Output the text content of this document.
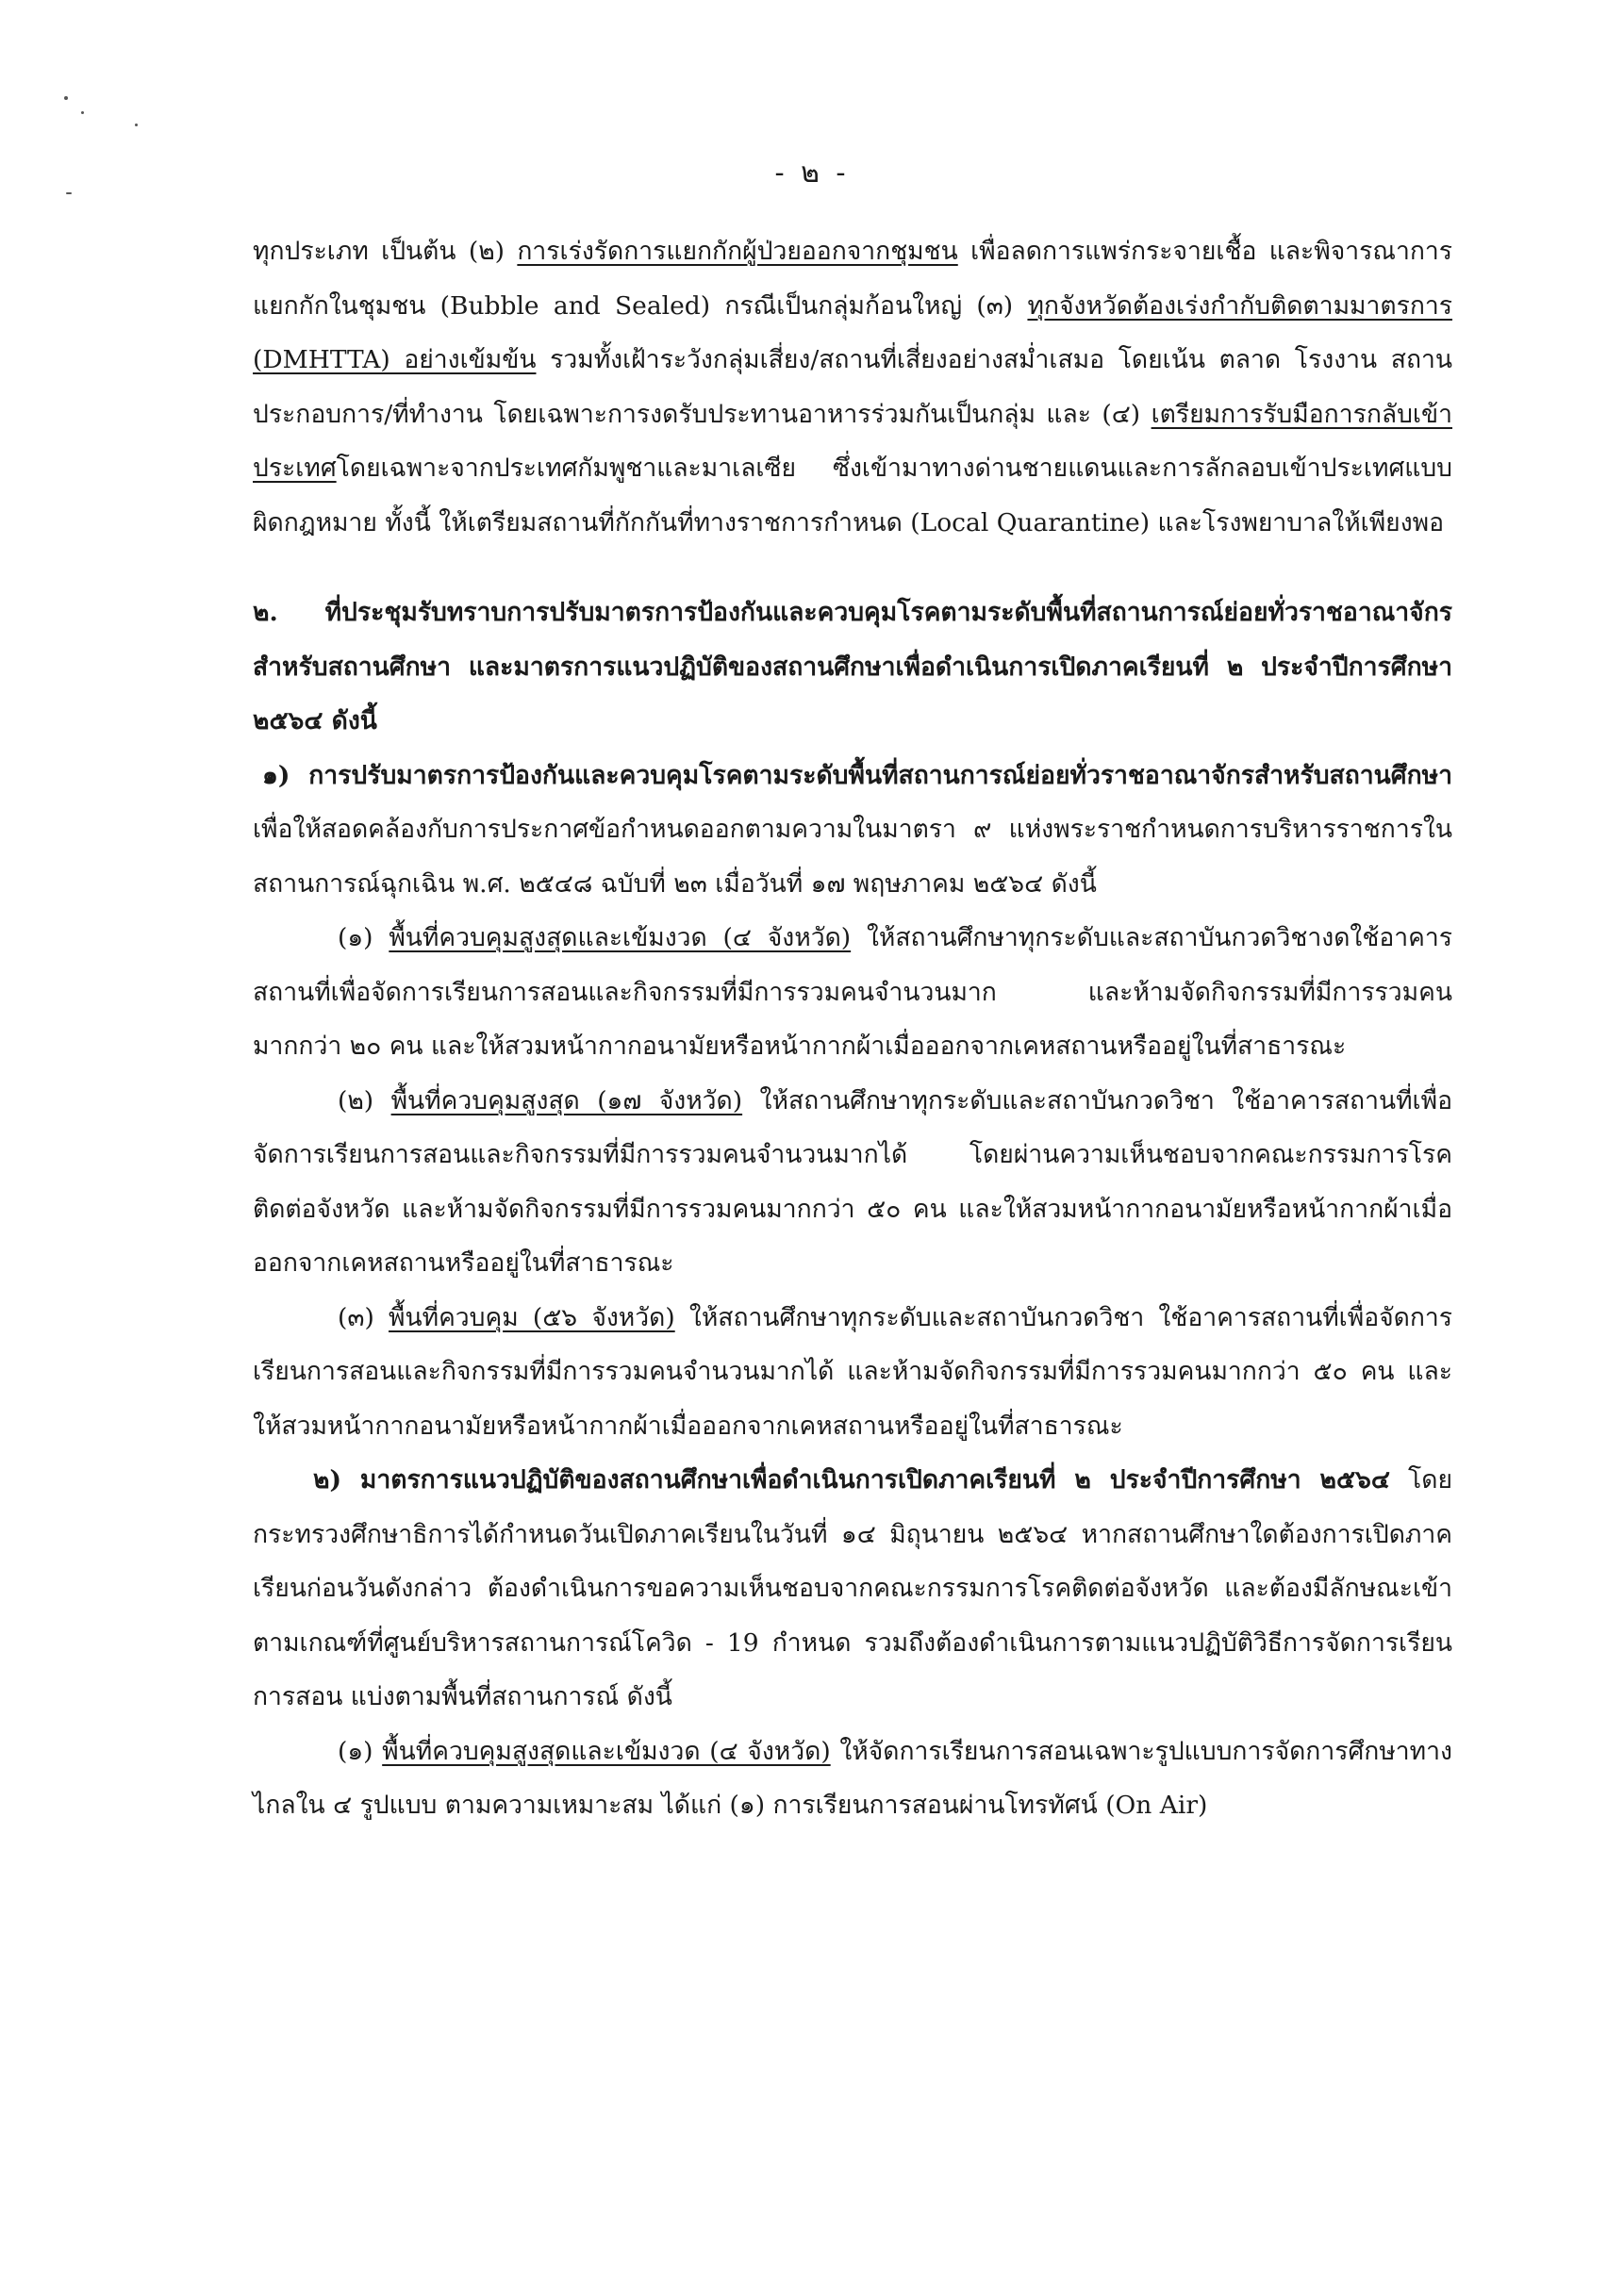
- ๒ -

ทุกประเภท เป็นต้น (๒) การเร่งรัดการแยกกักผู้ป่วยออกจากชุมชน เพื่อลดการแพร่กระจายเชื้อ และพิจารณาการแยกกักในชุมชน (Bubble and Sealed) กรณีเป็นกลุ่มก้อนใหญ่ (๓) ทุกจังหวัดต้องเร่งกำกับติดตามมาตรการ (DMHTTA) อย่างเข้มข้น รวมทั้งเฝ้าระวังกลุ่มเสี่ยง/สถานที่เสี่ยงอย่างสม่ำเสมอ โดยเน้น ตลาด โรงงาน สถานประกอบการ/ที่ทำงาน โดยเฉพาะการงดรับประทานอาหารร่วมกันเป็นกลุ่ม และ (๔) เตรียมการรับมือการกลับเข้าประเทศโดยเฉพาะจากประเทศกัมพูชาและมาเลเซีย ซึ่งเข้ามาทางด่านชายแดนและการลักลอบเข้าประเทศแบบผิดกฎหมาย ทั้งนี้ ให้เตรียมสถานที่กักกันที่ทางราชการกำหนด (Local Quarantine) และโรงพยาบาลให้เพียงพอ

๒. ที่ประชุมรับทราบการปรับมาตรการป้องกันและควบคุมโรคตามระดับพื้นที่สถานการณ์ย่อยทั่วราชอาณาจักร สำหรับสถานศึกษา และมาตรการแนวปฏิบัติของสถานศึกษาเพื่อดำเนินการเปิดภาคเรียนที่ ๒ ประจำปีการศึกษา ๒๕๖๔ ดังนี้

๑) การปรับมาตรการป้องกันและควบคุมโรคตามระดับพื้นที่สถานการณ์ย่อยทั่วราชอาณาจักรสำหรับสถานศึกษา เพื่อให้สอดคล้องกับการประกาศข้อกำหนดออกตามความในมาตรา ๙ แห่งพระราชกำหนดการบริหารราชการในสถานการณ์ฉุกเฉิน พ.ศ. ๒๕๔๘ ฉบับที่ ๒๓ เมื่อวันที่ ๑๗ พฤษภาคม ๒๕๖๔ ดังนี้

(๑) พื้นที่ควบคุมสูงสุดและเข้มงวด (๔ จังหวัด) ให้สถานศึกษาทุกระดับและสถาบันกวดวิชางดใช้อาคารสถานที่เพื่อจัดการเรียนการสอนและกิจกรรมที่มีการรวมคนจำนวนมาก และห้ามจัดกิจกรรมที่มีการรวมคนมากกว่า ๒๐ คน และให้สวมหน้ากากอนามัยหรือหน้ากากผ้าเมื่อออกจากเคหสถานหรืออยู่ในที่สาธารณะ

(๒) พื้นที่ควบคุมสูงสุด (๑๗ จังหวัด) ให้สถานศึกษาทุกระดับและสถาบันกวดวิชา ใช้อาคารสถานที่เพื่อจัดการเรียนการสอนและกิจกรรมที่มีการรวมคนจำนวนมากได้ โดยผ่านความเห็นชอบจากคณะกรรมการโรคติดต่อจังหวัด และห้ามจัดกิจกรรมที่มีการรวมคนมากกว่า ๕๐ คน และให้สวมหน้ากากอนามัยหรือหน้ากากผ้าเมื่อออกจากเคหสถานหรืออยู่ในที่สาธารณะ

(๓) พื้นที่ควบคุม (๕๖ จังหวัด) ให้สถานศึกษาทุกระดับและสถาบันกวดวิชา ใช้อาคารสถานที่เพื่อจัดการเรียนการสอนและกิจกรรมที่มีการรวมคนจำนวนมากได้ และห้ามจัดกิจกรรมที่มีการรวมคนมากกว่า ๕๐ คน และให้สวมหน้ากากอนามัยหรือหน้ากากผ้าเมื่อออกจากเคหสถานหรืออยู่ในที่สาธารณะ

๒) มาตรการแนวปฏิบัติของสถานศึกษาเพื่อดำเนินการเปิดภาคเรียนที่ ๒ ประจำปีการศึกษา ๒๕๖๔ โดยกระทรวงศึกษาธิการได้กำหนดวันเปิดภาคเรียนในวันที่ ๑๔ มิถุนายน ๒๕๖๔ หากสถานศึกษาใดต้องการเปิดภาคเรียนก่อนวันดังกล่าว ต้องดำเนินการขอความเห็นชอบจากคณะกรรมการโรคติดต่อจังหวัด และต้องมีลักษณะเข้าตามเกณฑ์ที่ศูนย์บริหารสถานการณ์โควิด - 19 กำหนด รวมถึงต้องดำเนินการตามแนวปฏิบัติวิธีการจัดการเรียนการสอน แบ่งตามพื้นที่สถานการณ์ ดังนี้

(๑) พื้นที่ควบคุมสูงสุดและเข้มงวด (๔ จังหวัด) ให้จัดการเรียนการสอนเฉพาะรูปแบบการจัดการศึกษาทางไกลใน ๔ รูปแบบ ตามความเหมาะสม ได้แก่ (๑) การเรียนการสอนผ่านโทรทัศน์ (On Air)
